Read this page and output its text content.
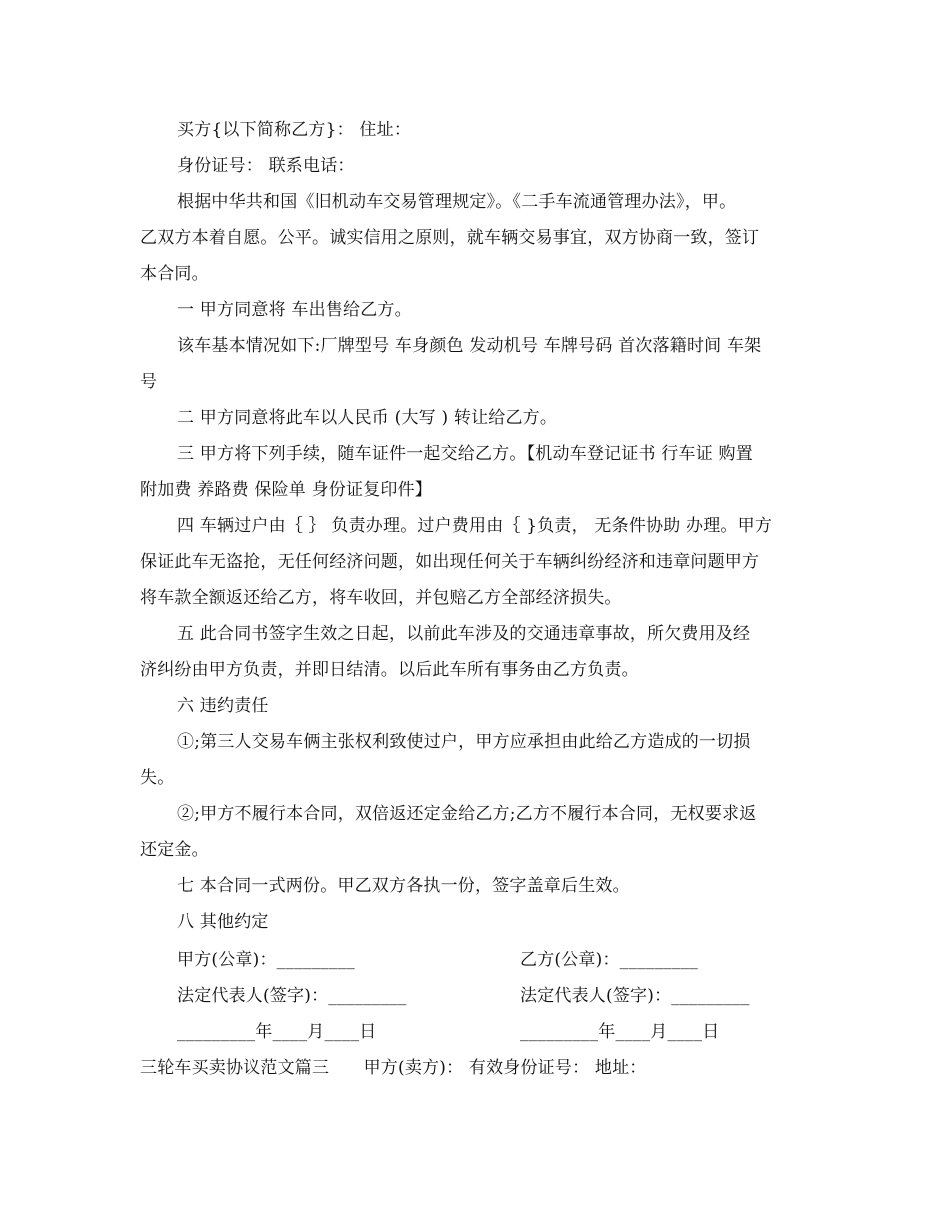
买方{以下简称乙方}： 住址：
身份证号： 联系电话：
根据中华共和国《旧机动车交易管理规定》。《二手车流通管理办法》，甲。
乙双方本着自愿。公平。诚实信用之原则，就车辆交易事宜，双方协商一致，签订
本合同。
一 甲方同意将 车出售给乙方。
该车基本情况如下:厂牌型号 车身颜色 发动机号 车牌号码 首次落籍时间 车架
号
二 甲方同意将此车以人民币 (大写 ) 转让给乙方。
三 甲方将下列手续，随车证件一起交给乙方。【机动车登记证书 行车证 购置
附加费 养路费 保险单 身份证复印件】
四 车辆过户由｛ ｝ 负责办理。过户费用由｛ }负责， 无条件协助 办理。甲方
保证此车无盗抢，无任何经济问题，如出现任何关于车辆纠纷经济和违章问题甲方
将车款全额返还给乙方，将车收回，并包赔乙方全部经济损失。
五 此合同书签字生效之日起，以前此车涉及的交通违章事故，所欠费用及经
济纠纷由甲方负责，并即日结清。以后此车所有事务由乙方负责。
六 违约责任
①;第三人交易车俩主张权利致使过户，甲方应承担由此给乙方造成的一切损
失。
②;甲方不履行本合同，双倍返还定金给乙方;乙方不履行本合同，无权要求返
还定金。
七 本合同一式两份。甲乙双方各执一份，签字盖章后生效。
八 其他约定
甲方(公章)：_________	乙方(公章)：_________
法定代表人(签字)：_________	法定代表人(签字)：_________
_________年____月____日	_________年____月____日
三轮车买卖协议范文篇三　　甲方(卖方)： 有效身份证号： 地址：
